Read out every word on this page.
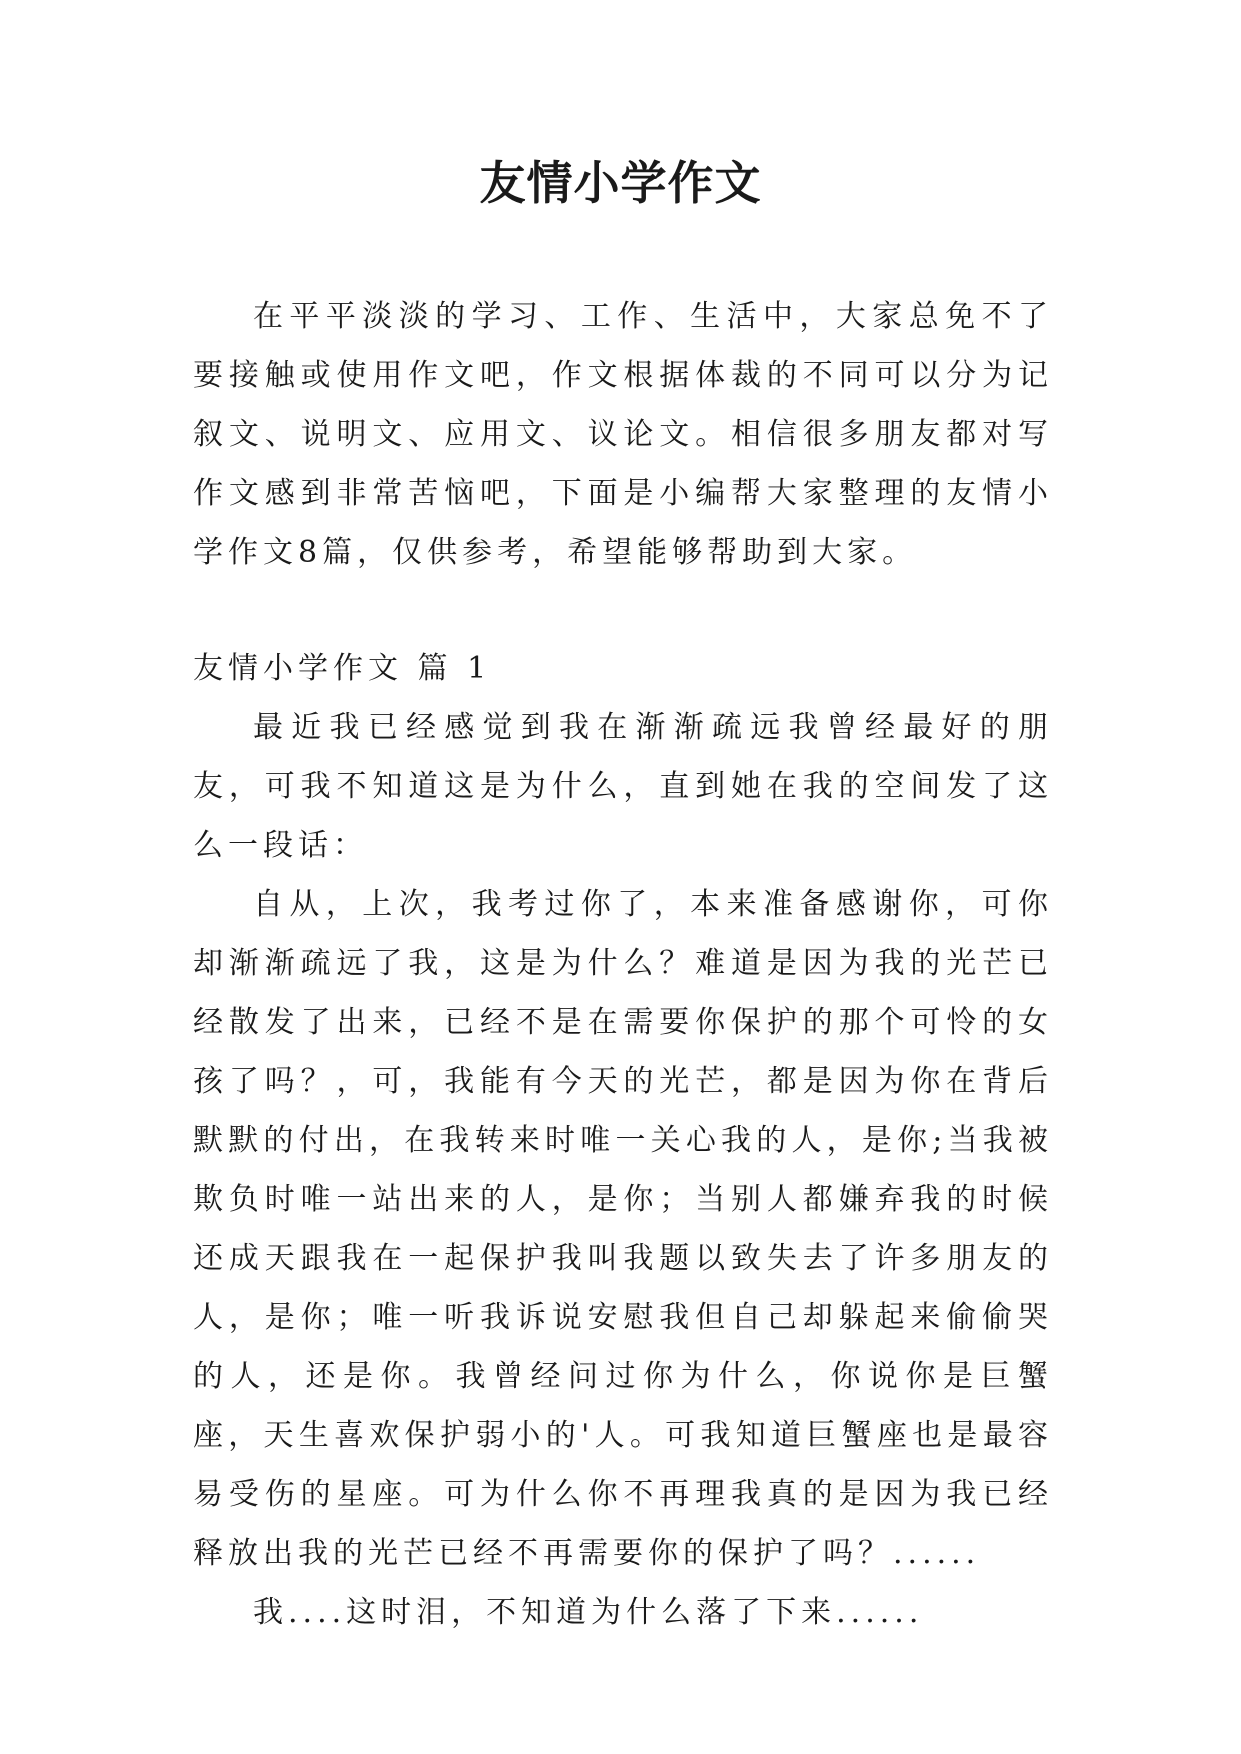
友情小学作文

在平平淡淡的学习、工作、生活中，大家总免不了要接触或使用作文吧，作文根据体裁的不同可以分为记叙文、说明文、应用文、议论文。相信很多朋友都对写作文感到非常苦恼吧，下面是小编帮大家整理的友情小学作文8篇，仅供参考，希望能够帮助到大家。

友情小学作文 篇 1

最近我已经感觉到我在渐渐疏远我曾经最好的朋友，可我不知道这是为什么，直到她在我的空间发了这么一段话：

自从，上次，我考过你了，本来准备感谢你，可你却渐渐疏远了我，这是为什么？难道是因为我的光芒已经散发了出来，已经不是在需要你保护的那个可怜的女孩了吗？，可，我能有今天的光芒，都是因为你在背后默默的付出，在我转来时唯一关心我的人，是你;当我被欺负时唯一站出来的人，是你；当别人都嫌弃我的时候还成天跟我在一起保护我叫我题以致失去了许多朋友的人，是你；唯一听我诉说安慰我但自己却躲起来偷偷哭的人，还是你。我曾经问过你为什么，你说你是巨蟹座，天生喜欢保护弱小的'人。可我知道巨蟹座也是最容易受伤的星座。可为什么你不再理我真的是因为我已经释放出我的光芒已经不再需要你的保护了吗？......

我....这时泪，不知道为什么落了下来......
